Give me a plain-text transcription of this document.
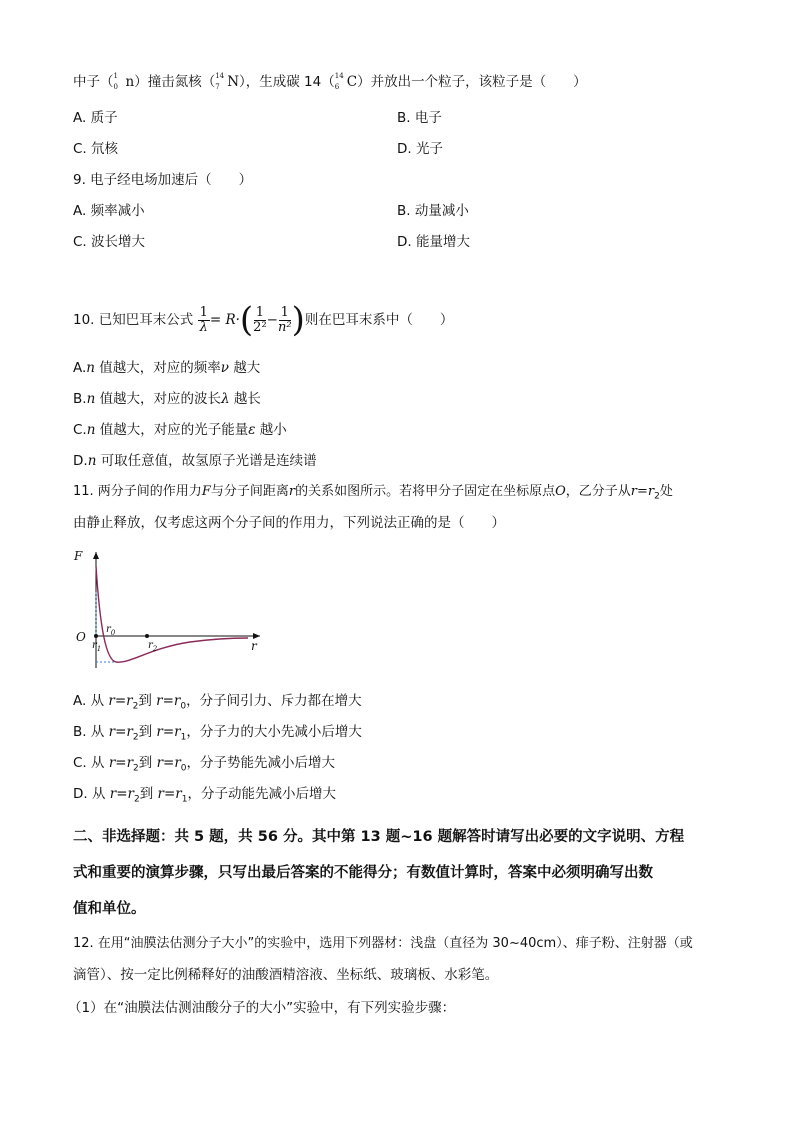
中子（ 1
0 n）撞击氮核（ 14
7 N），生成碳 14（ 14
6 C）并放出一个粒子，该粒子是（　　）
A. 质子	B. 电子
C. 氘核	D. 光子
9. 电子经电场加速后（　　）
A. 频率减小	B. 动量减小
C. 波长增大	D. 能量增大
10. 已知巴耳末公式 $\frac{1}{\lambda} = R\cdot( \frac{1}{\text{2²}} - \frac{1}{\text{n²}}$ )则在巴耳末系中（　　）
A.n 值越大，对应的频率ν 越大
B.n 值越大，对应的波长λ 越长
C.n 值越大，对应的光子能量ε 越小
D.n 可取任意值，故氢原子光谱是连续谱
11. 两分子间的作用力F与分子间距离r的关系如图所示。若将甲分子固定在坐标原点O，乙分子从$r=r_2$处
由静止释放，仅考虑这两个分子间的作用力，下列说法正确的是（　　）
F
O
$r_0$
$r_1$	$r_2$	r
A. 从 $r=r_2$到 $r=r_0$，分子间引力、斥力都在增大
B. 从 $r=r_2$到 $r=r_1$，分子力的大小先减小后增大
C. 从 $r=r_2$到 $r=r_0$，分子势能先减小后增大
D. 从 $r=r_2$到 $r=r_1$，分子动能先减小后增大
二、非选择题：共 5 题，共 56 分。其中第 13 题~16 题解答时请写出必要的文字说明、方程
式和重要的演算步骤，只写出最后答案的不能得分；有数值计算时，答案中必须明确写出数
值和单位。
12. 在用“油膜法估测分子大小”的实验中，选用下列器材：浅盘（直径为 30~40cm）、痱子粉、注射器（或
滴管）、按一定比例稀释好的油酸酒精溶液、坐标纸、玻璃板、水彩笔。
（1）在“油膜法估测油酸分子的大小”实验中，有下列实验步骤：
